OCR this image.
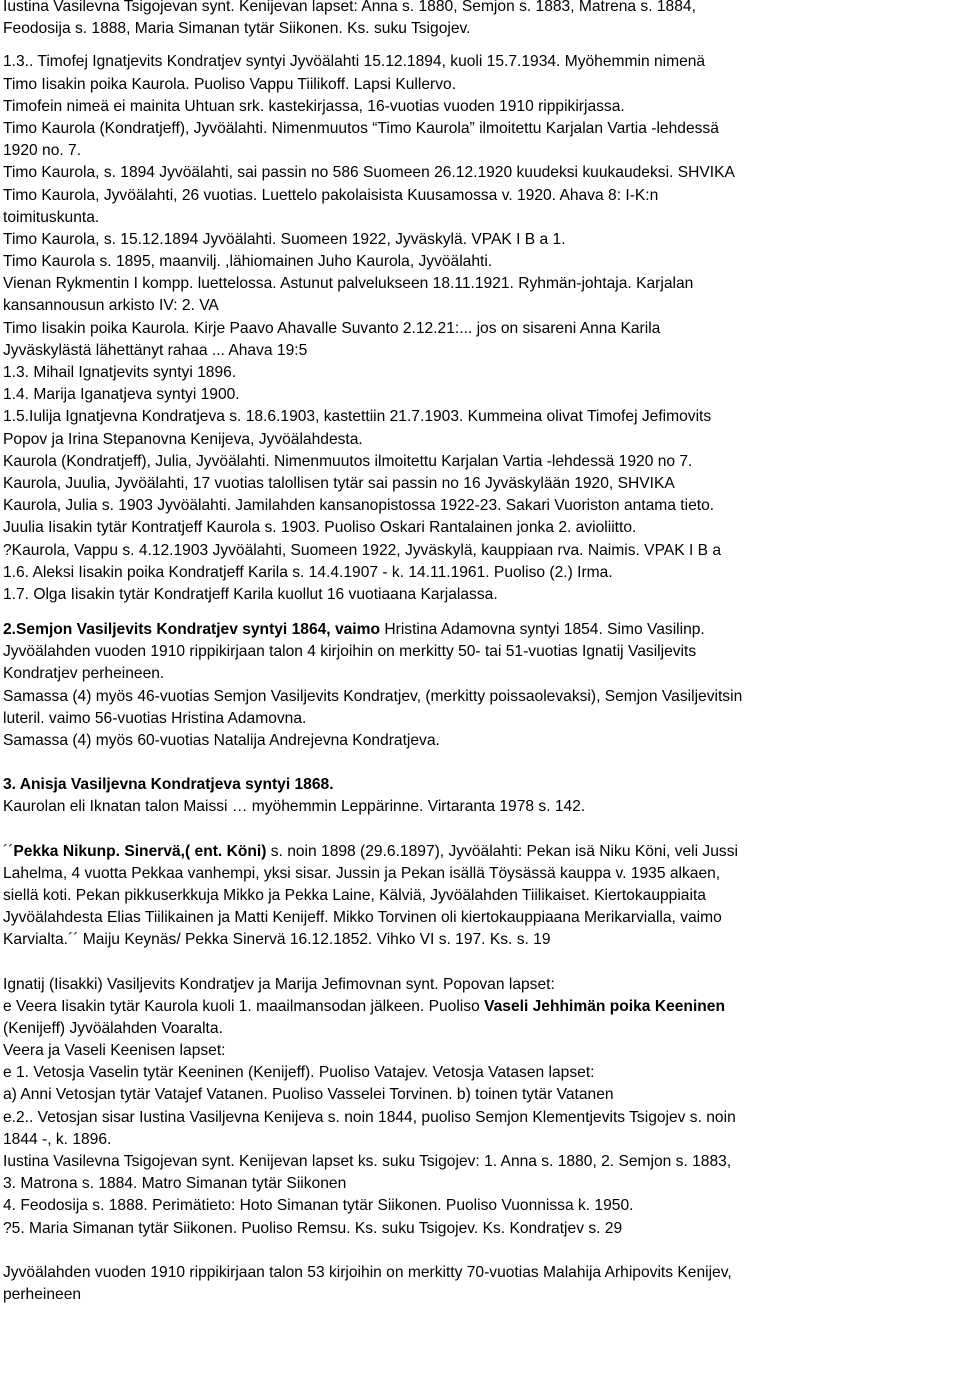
Iustina Vasilevna Tsigojevan synt. Kenijevan lapset: Anna s. 1880, Semjon s. 1883, Matrena s. 1884,
Feodosija s. 1888, Maria Simanan tytär Siikonen. Ks. suku Tsigojev.
1.3.. Timofej Ignatjevits Kondratjev syntyi Jyvöälahti 15.12.1894, kuoli 15.7.1934. Myöhemmin nimenä
Timo Iisakin poika Kaurola. Puoliso Vappu Tiilikoff. Lapsi Kullervo.
Timofein nimeä ei mainita Uhtuan srk. kastekirjassa, 16-vuotias vuoden 1910 rippikirjassa.
Timo Kaurola (Kondratjeff), Jyvöälahti. Nimenmuutos “Timo Kaurola” ilmoitettu Karjalan Vartia -lehdessä
1920 no. 7.
Timo Kaurola, s. 1894 Jyvöälahti, sai passin no 586 Suomeen 26.12.1920 kuudeksi kuukaudeksi. SHVIKA
Timo Kaurola, Jyvöälahti, 26 vuotias. Luettelo pakolaisista Kuusamossa v. 1920. Ahava 8: I-K:n
toimituskunta.
Timo Kaurola, s. 15.12.1894 Jyvöälahti. Suomeen 1922, Jyväskylä. VPAK I B a 1.
Timo Kaurola s. 1895, maanvilj. ,lähiomainen Juho Kaurola, Jyvöälahti.
Vienan Rykmentin I kompp. luettelossa. Astunut palvelukseen 18.11.1921. Ryhmän-johtaja. Karjalan
kansannousun arkisto IV: 2. VA
Timo Iisakin poika Kaurola. Kirje Paavo Ahavalle Suvanto 2.12.21:... jos on sisareni Anna Karila
Jyväskylästä lähettänyt rahaa ... Ahava 19:5
1.3. Mihail Ignatjevits syntyi 1896.
1.4. Marija Iganatjeva syntyi 1900.
1.5.Iulija Ignatjevna Kondratjeva s. 18.6.1903, kastettiin 21.7.1903. Kummeina olivat Timofej Jefimovits
Popov ja Irina Stepanovna Kenijeva, Jyvöälahdesta.
Kaurola (Kondratjeff), Julia, Jyvöälahti. Nimenmuutos ilmoitettu Karjalan Vartia -lehdessä 1920 no 7.
Kaurola, Juulia, Jyvöälahti, 17 vuotias talollisen tytär sai passin no 16 Jyväskylään 1920, SHVIKA
Kaurola, Julia s. 1903 Jyvöälahti. Jamilahden kansanopistossa 1922-23. Sakari Vuoriston antama tieto.
Juulia Iisakin tytär Kontratjeff Kaurola s. 1903. Puoliso Oskari Rantalainen jonka 2. avioliitto.
?Kaurola, Vappu s. 4.12.1903 Jyvöälahti, Suomeen 1922, Jyväskylä, kauppiaan rva. Naimis. VPAK I B a
1.6. Aleksi Iisakin poika Kondratjeff Karila s. 14.4.1907 - k. 14.11.1961. Puoliso (2.) Irma.
1.7. Olga Iisakin tytär Kondratjeff Karila kuollut 16 vuotiaana Karjalassa.
2.Semjon Vasiljevits Kondratjev syntyi 1864, vaimo Hristina Adamovna syntyi 1854. Simo Vasilinp.
Jyvöälahden vuoden 1910 rippikirjaan talon 4 kirjoihin on merkitty 50- tai 51-vuotias Ignatij Vasiljevits
Kondratjev perheineen.
Samassa (4) myös 46-vuotias Semjon Vasiljevits Kondratjev, (merkitty poissaolevaksi), Semjon Vasiljevitsin
luteril. vaimo 56-vuotias Hristina Adamovna.
Samassa (4) myös 60-vuotias Natalija Andrejevna Kondratjeva.
3. Anisja Vasiljevna Kondratjeva syntyi 1868.
Kaurolan eli Iknatan talon Maissi … myöhemmin Leppärinne. Virtaranta 1978 s. 142.
´´Pekka Nikunp. Sinervä,( ent. Köni) s. noin 1898 (29.6.1897), Jyvöälahti: Pekan isä Niku Köni, veli Jussi
Lahelma, 4 vuotta Pekkaa vanhempi, yksi sisar. Jussin ja Pekan isällä Töysässä kauppa v. 1935 alkaen,
siellä koti. Pekan pikkuserkkuja Mikko ja Pekka Laine, Kälviä, Jyvöälahden Tiilikaiset. Kiertokauppiaita
Jyvöälahdesta Elias Tiilikainen ja Matti Kenijeff. Mikko Torvinen oli kiertokauppiaana Merikarvialla, vaimo
Karvialta.´´ Maiju Keynäs/ Pekka Sinervä 16.12.1852. Vihko VI s. 197. Ks. s. 19
Ignatij (Iisakki) Vasiljevits Kondratjev ja Marija Jefimovnan synt. Popovan lapset:
e Veera Iisakin tytär Kaurola kuoli 1. maailmansodan jälkeen. Puoliso Vaseli Jehhimän poika Keeninen
(Kenijeff) Jyvöälahden Voaralta.
Veera ja Vaseli Keenisen lapset:
e 1. Vetosja Vaselin tytär Keeninen (Kenijeff). Puoliso Vatajev. Vetosja Vatasen lapset:
a) Anni Vetosjan tytär Vatajef Vatanen. Puoliso Vasselei Torvinen. b) toinen tytär Vatanen
e.2.. Vetosjan sisar Iustina Vasiljevna Kenijeva s. noin 1844, puoliso Semjon Klementjevits Tsigojev s. noin
1844 -, k. 1896.
Iustina Vasilevna Tsigojevan synt. Kenijevan lapset ks. suku Tsigojev: 1. Anna s. 1880, 2. Semjon s. 1883,
3. Matrona s. 1884. Matro Simanan tytär Siikonen
4. Feodosija s. 1888. Perimätieto: Hoto Simanan tytär Siikonen. Puoliso Vuonnissa k. 1950.
?5. Maria Simanan tytär Siikonen. Puoliso Remsu. Ks. suku Tsigojev. Ks. Kondratjev s. 29
Jyvöälahden vuoden 1910 rippikirjaan talon 53 kirjoihin on merkitty 70-vuotias Malahija Arhipovits Kenijev,
perheineen
